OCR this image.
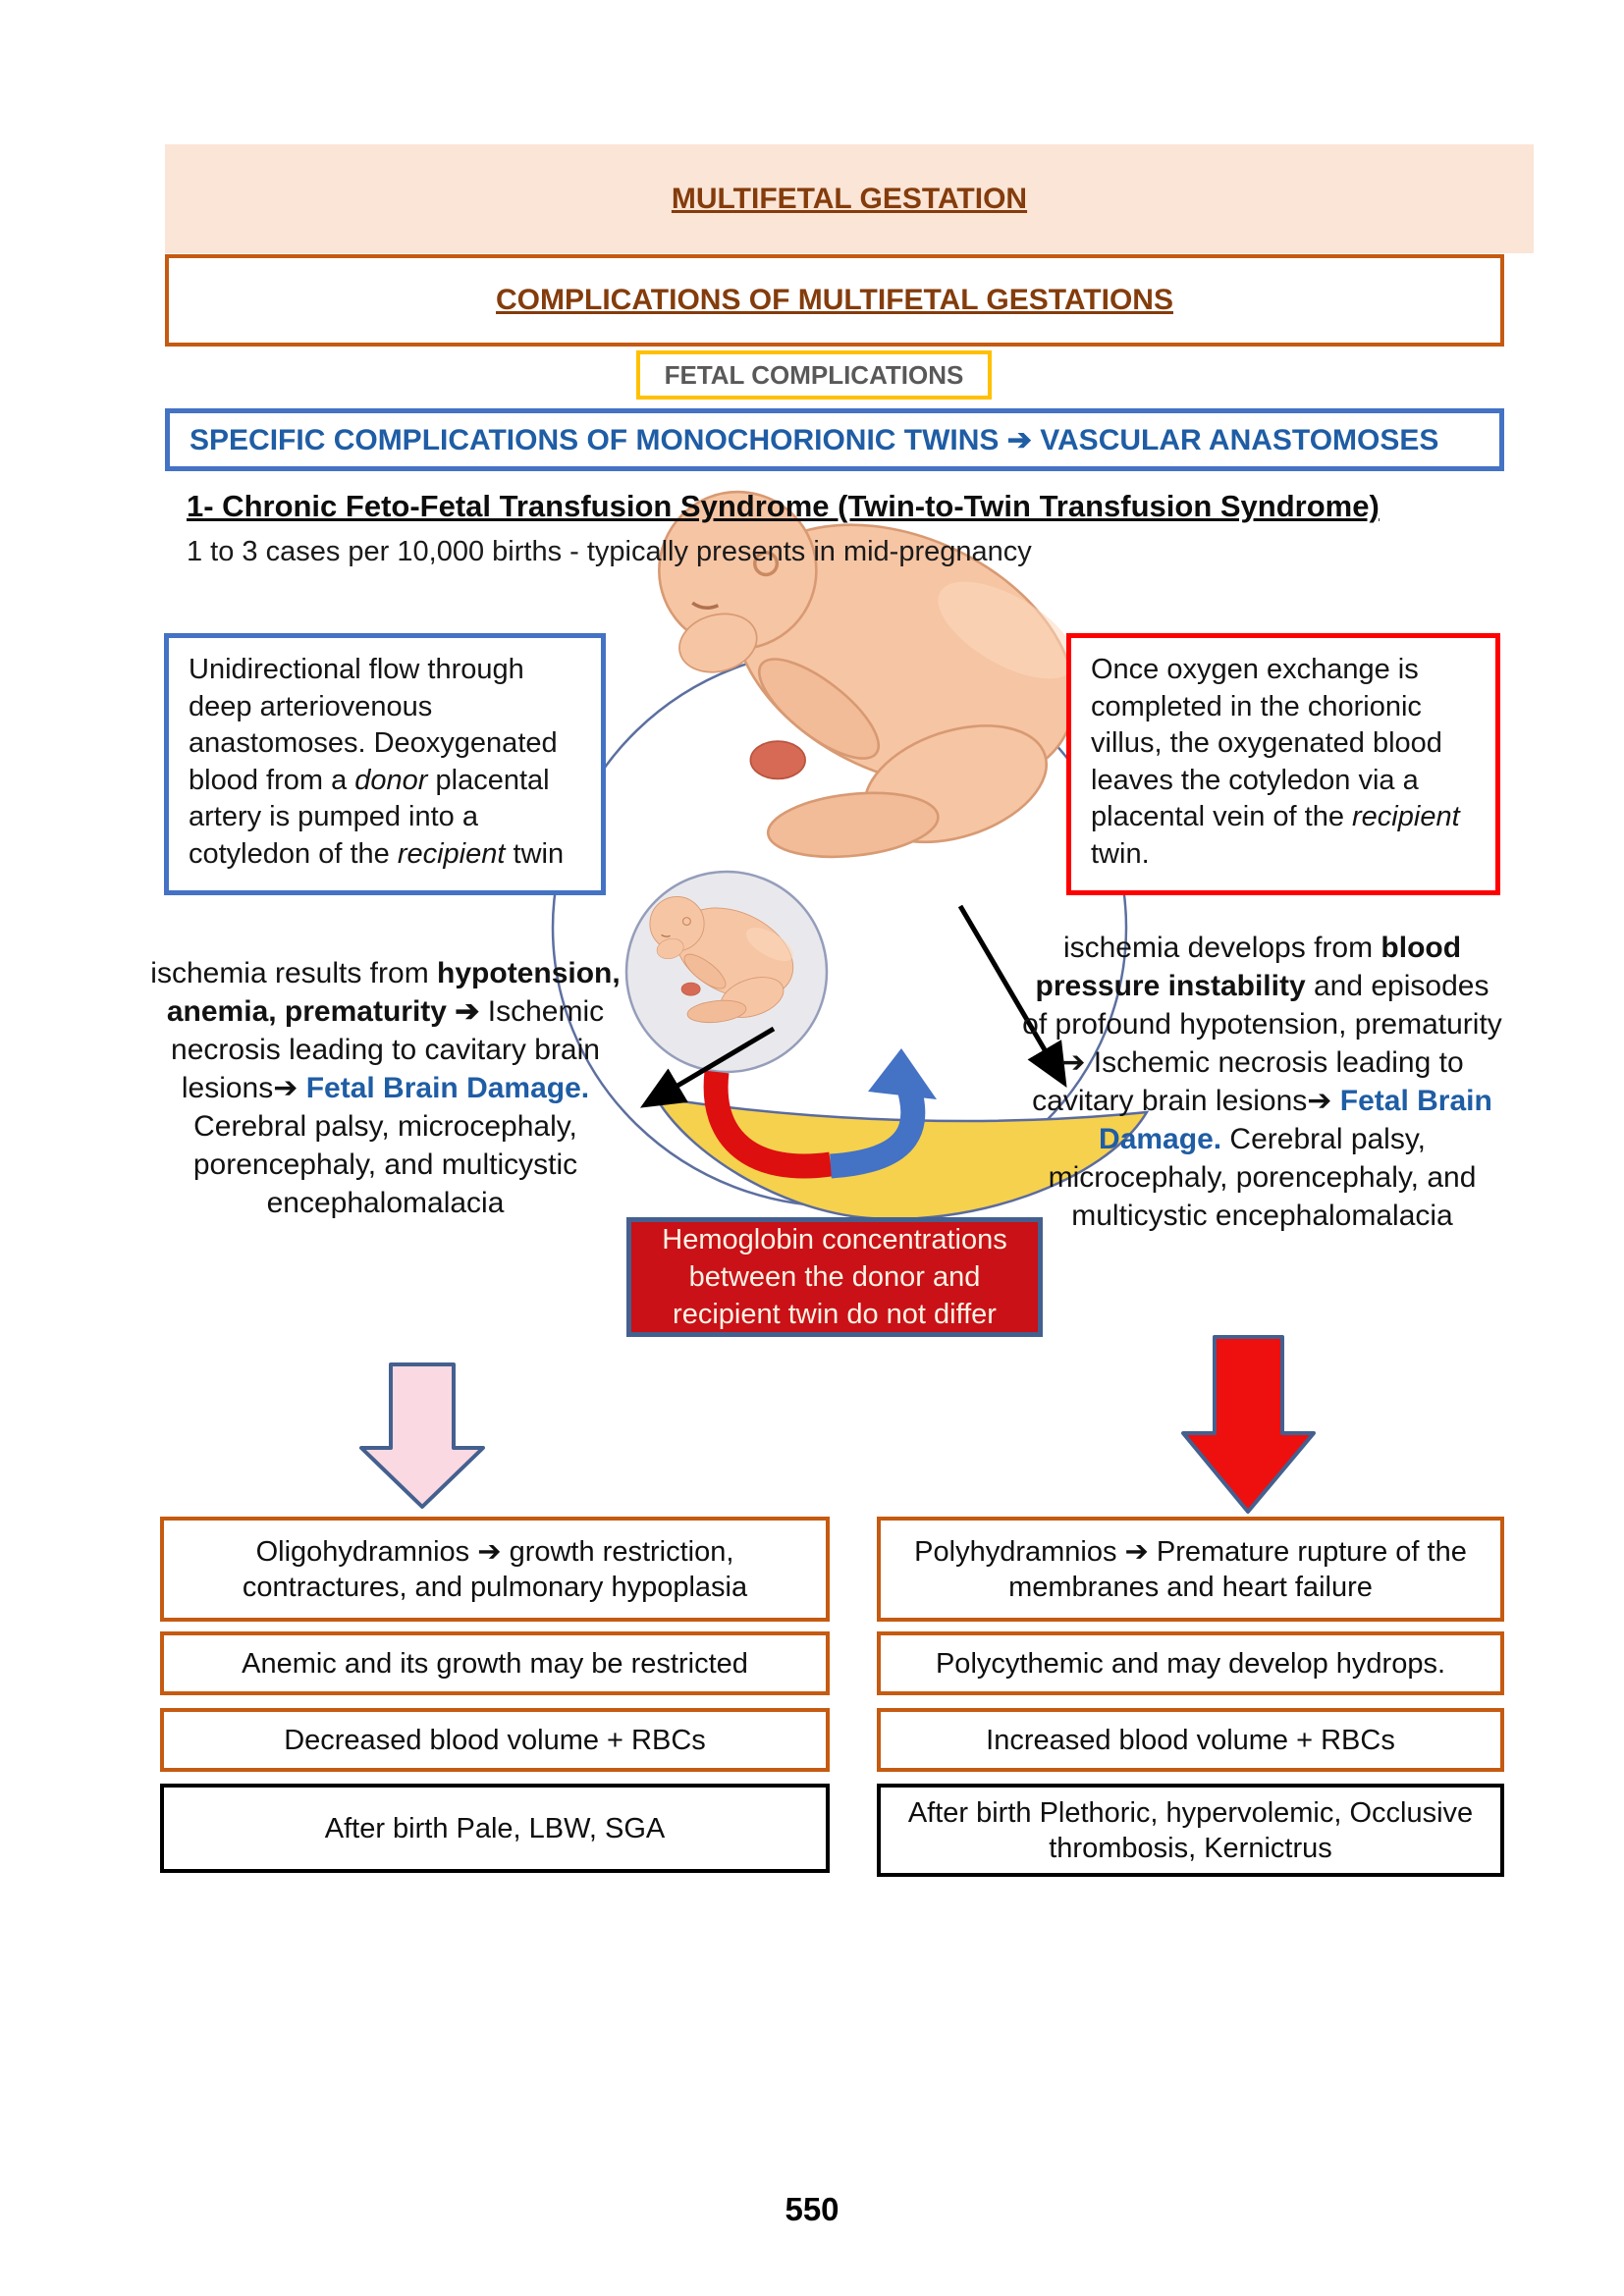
MULTIFETAL GESTATION
COMPLICATIONS OF MULTIFETAL GESTATIONS
FETAL COMPLICATIONS
SPECIFIC COMPLICATIONS OF MONOCHORIONIC TWINS ➔ VASCULAR ANASTOMOSES
1- Chronic Feto-Fetal Transfusion Syndrome (Twin-to-Twin Transfusion Syndrome)
1 to 3 cases per 10,000 births - typically presents in mid-pregnancy
Unidirectional flow through deep arteriovenous anastomoses. Deoxygenated blood from a donor placental artery is pumped into a cotyledon of the recipient twin
Once oxygen exchange is completed in the chorionic villus, the oxygenated blood leaves the cotyledon via a placental vein of the recipient twin.
ischemia results from hypotension, anemia, prematurity ➔ Ischemic necrosis leading to cavitary brain lesions➔ Fetal Brain Damage. Cerebral palsy, microcephaly, porencephaly, and multicystic encephalomalacia
ischemia develops from blood pressure instability and episodes of profound hypotension, prematurity ➔ Ischemic necrosis leading to cavitary brain lesions➔ Fetal Brain Damage. Cerebral palsy, microcephaly, porencephaly, and multicystic encephalomalacia
Hemoglobin concentrations between the donor and recipient twin do not differ
Oligohydramnios ➔ growth restriction, contractures, and pulmonary hypoplasia
Anemic and its growth may be restricted
Decreased blood volume + RBCs
After birth Pale, LBW, SGA
Polyhydramnios ➔ Premature rupture of the membranes and heart failure
Polycythemic and may develop hydrops.
Increased blood volume + RBCs
After birth Plethoric, hypervolemic, Occlusive thrombosis, Kernictrus
550
